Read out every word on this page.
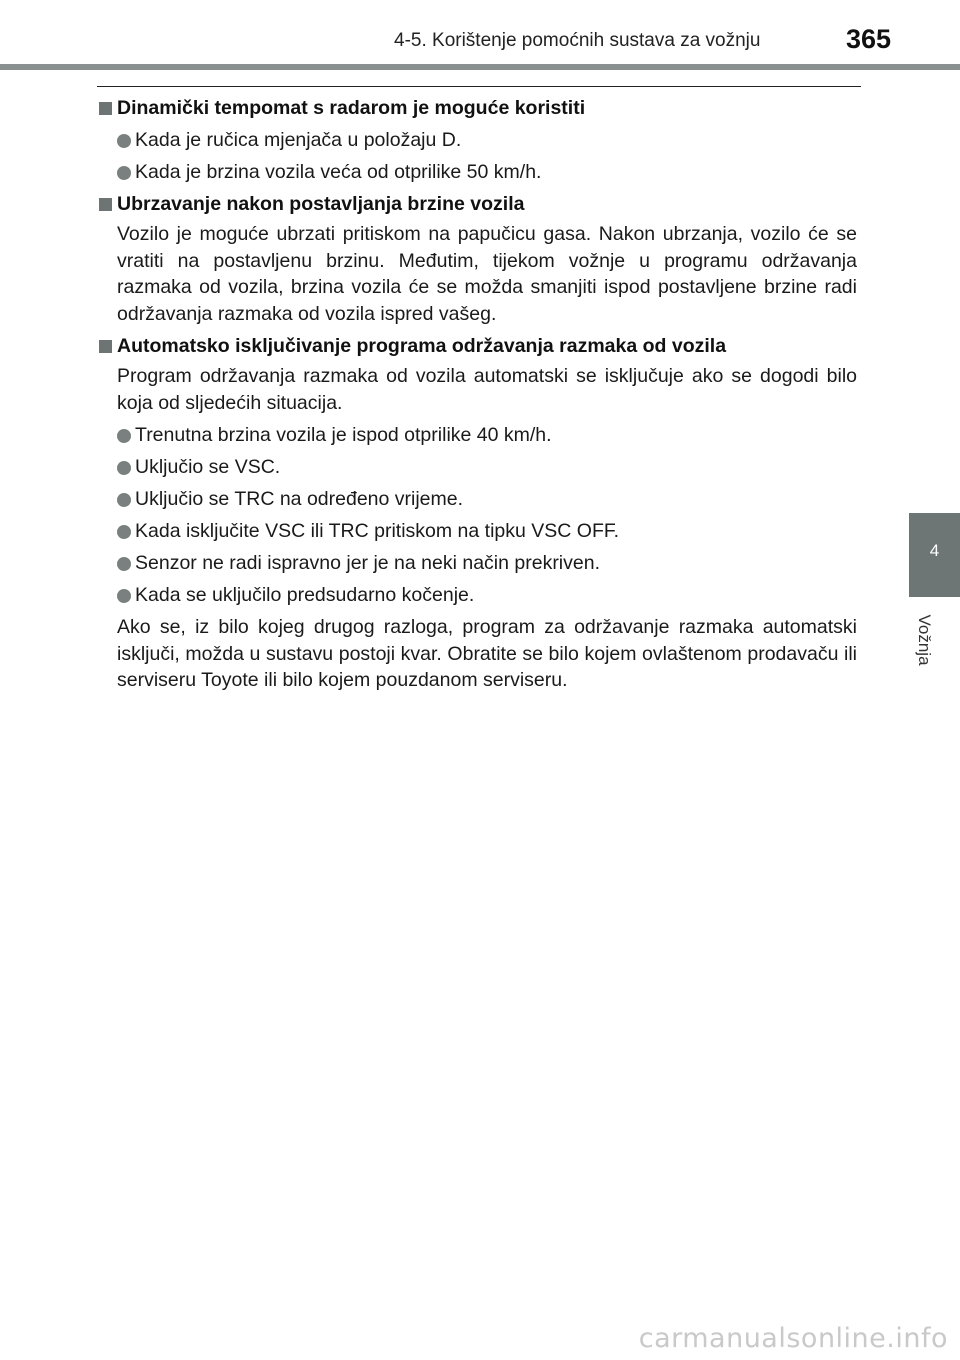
4-5. Korištenje pomoćnih sustava za vožnju	365
4
Vožnja
Dinamički tempomat s radarom je moguće koristiti
Kada je ručica mjenjača u položaju D.
Kada je brzina vozila veća od otprilike 50 km/h.
Ubrzavanje nakon postavljanja brzine vozila
Vozilo je moguće ubrzati pritiskom na papučicu gasa. Nakon ubrzanja, vozilo će se vratiti na postavljenu brzinu. Međutim, tijekom vožnje u programu održavanja razmaka od vozila, brzina vozila će se možda smanjiti ispod postavljene brzine radi održavanja razmaka od vozila ispred vašeg.
Automatsko isključivanje programa održavanja razmaka od vozila
Program održavanja razmaka od vozila automatski se isključuje ako se dogodi bilo koja od sljedećih situacija.
Trenutna brzina vozila je ispod otprilike 40 km/h.
Uključio se VSC.
Uključio se TRC na određeno vrijeme.
Kada isključite VSC ili TRC pritiskom na tipku VSC OFF.
Senzor ne radi ispravno jer je na neki način prekriven.
Kada se uključilo predsudarno kočenje.
Ako se, iz bilo kojeg drugog razloga, program za održavanje razmaka automatski isključi, možda u sustavu postoji kvar. Obratite se bilo kojem ovlaštenom prodavaču ili serviseru Toyote ili bilo kojem pouzdanom serviseru.
carmanualsonline.info
